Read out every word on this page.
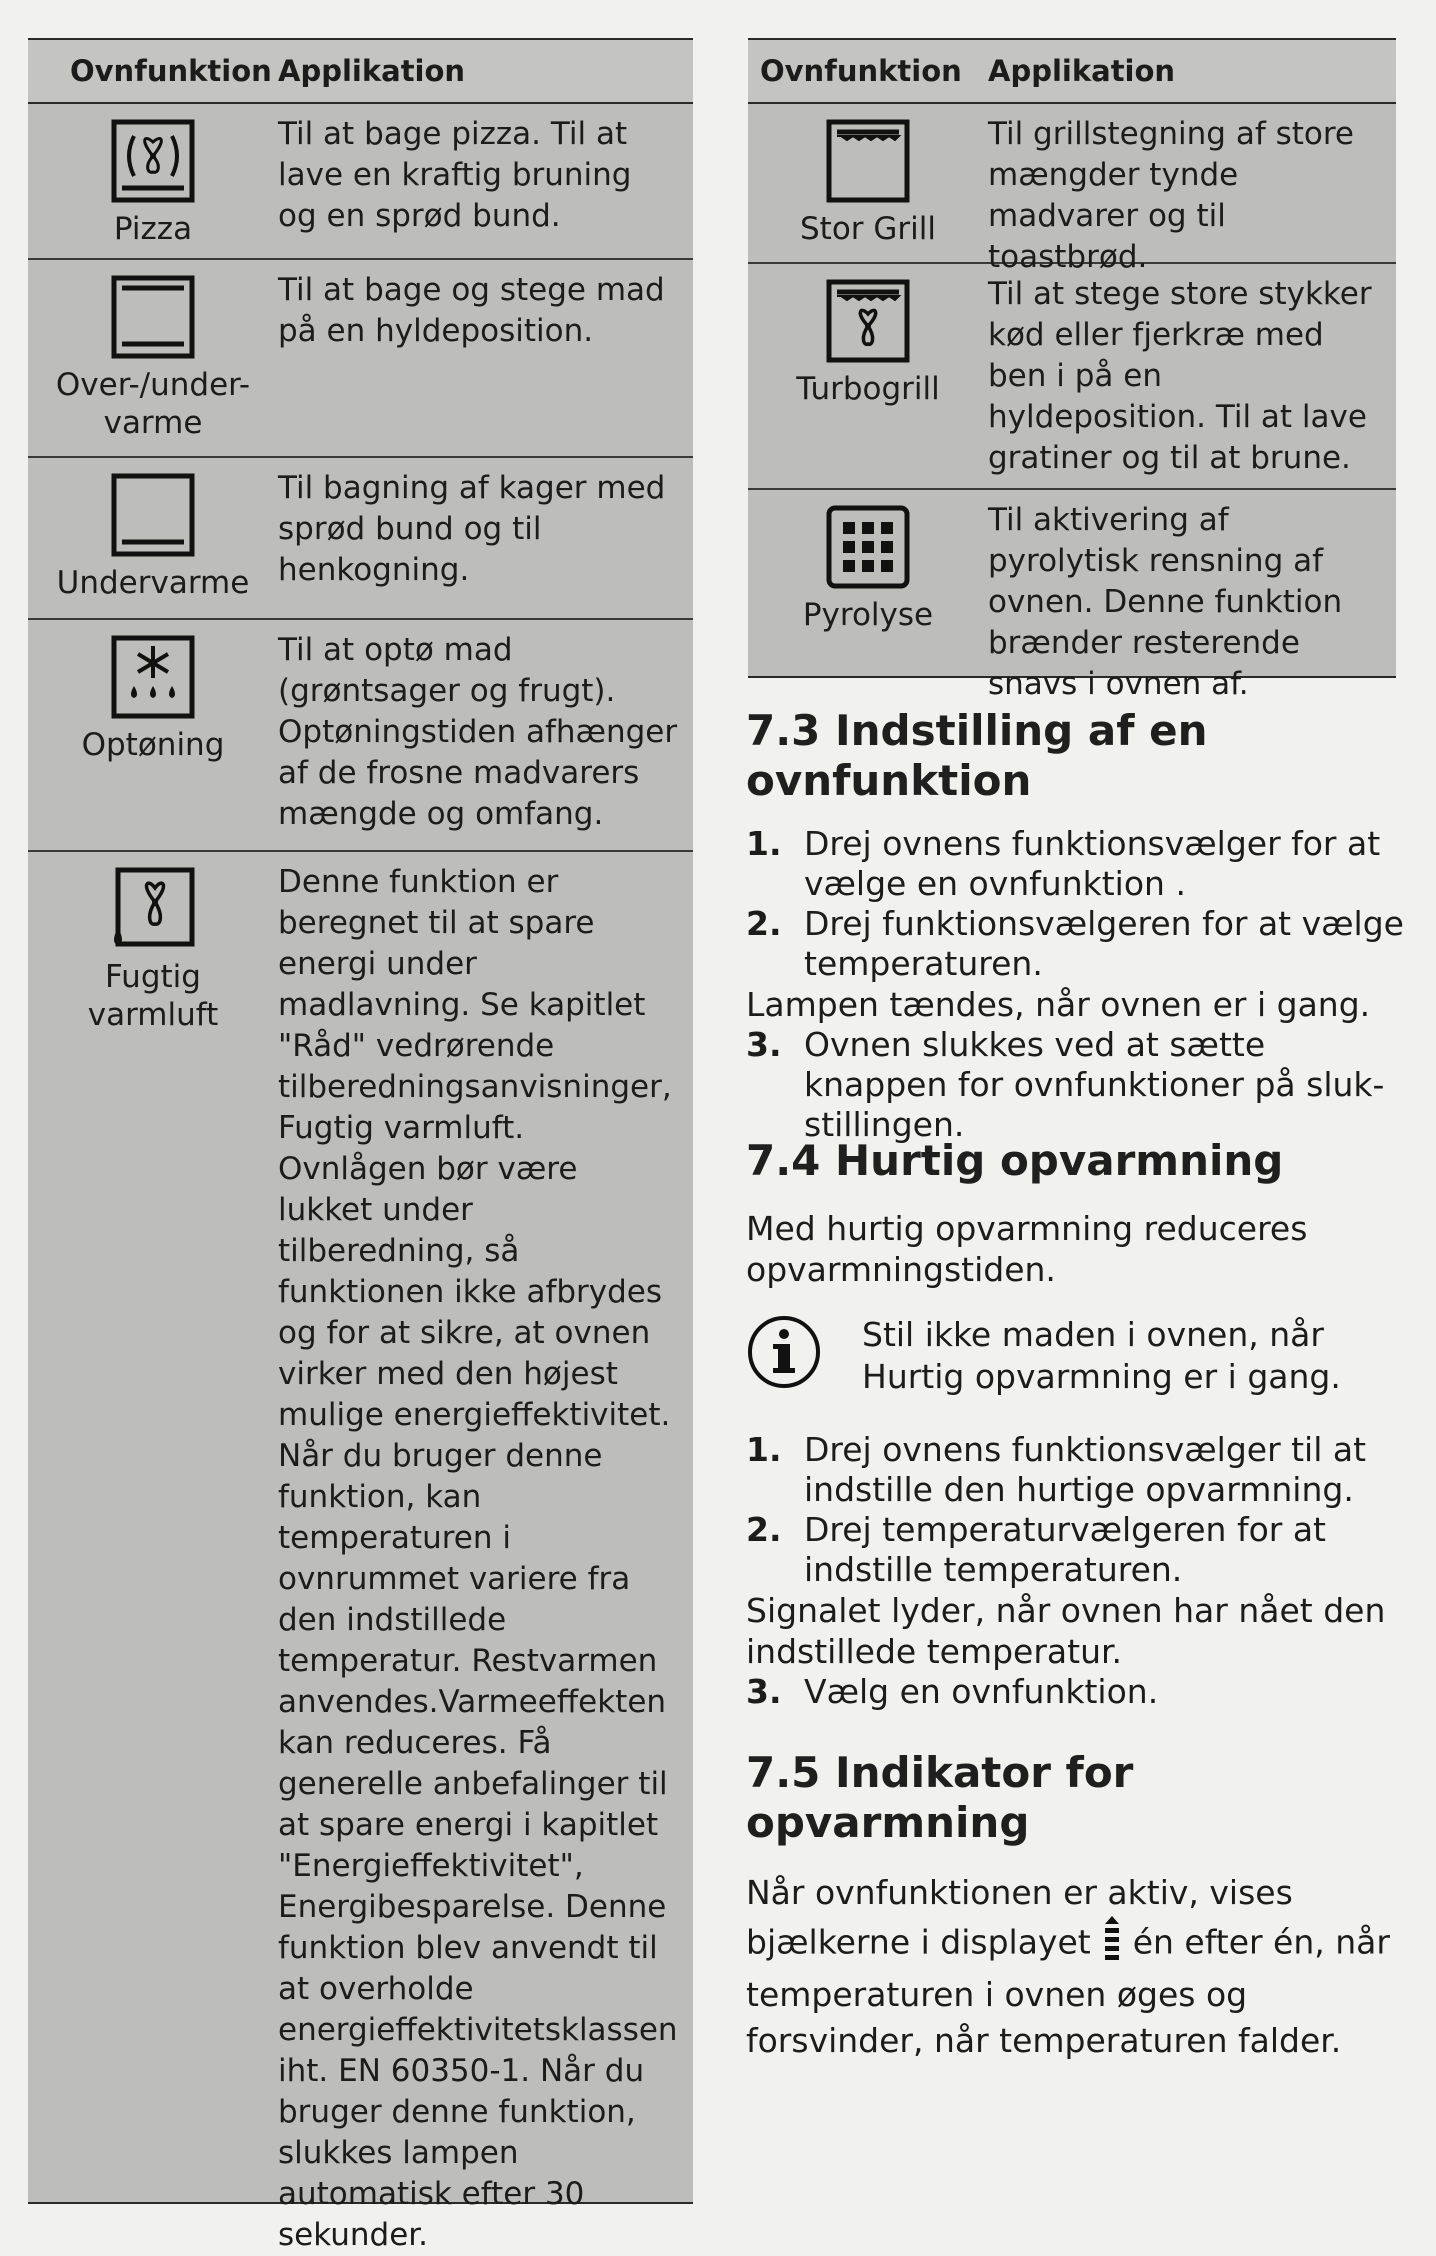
Ovnfunktion Applikation
Pizza
Til at bage pizza. Til at lave en kraftig bruning og en sprød bund.
Over-/under-varme
Til at bage og stege mad på en hyldeposition.
Undervarme
Til bagning af kager med sprød bund og til henkogning.
Optøning
Til at optø mad (grøntsager og frugt). Optøningstiden afhænger af de frosne madvarers mængde og omfang.
Fugtig varmluft
Denne funktion er beregnet til at spare energi under madlavning. Se kapitlet "Råd" vedrørende tilberedningsanvisninger, Fugtig varmluft. Ovnlågen bør være lukket under tilberedning, så funktionen ikke afbrydes og for at sikre, at ovnen virker med den højest mulige energieffektivitet. Når du bruger denne funktion, kan temperaturen i ovnrummet variere fra den indstillede temperatur. Restvarmen anvendes.Varmeeffekten kan reduceres. Få generelle anbefalinger til at spare energi i kapitlet "Energieffektivitet", Energibesparelse. Denne funktion blev anvendt til at overholde energieffektivitetsklassen iht. EN 60350-1. Når du bruger denne funktion, slukkes lampen automatisk efter 30 sekunder.
Ovnfunktion Applikation
Stor Grill
Til grillstegning af store mængder tynde madvarer og til toastbrød.
Turbogrill
Til at stege store stykker kød eller fjerkræ med ben i på en hyldeposition. Til at lave gratiner og til at brune.
Pyrolyse
Til aktivering af pyrolytisk rensning af ovnen. Denne funktion brænder resterende snavs i ovnen af.
7.3 Indstilling af en ovnfunktion
1. Drej ovnens funktionsvælger for at vælge en ovnfunktion .
2. Drej funktionsvælgeren for at vælge temperaturen.

Lampen tændes, når ovnen er i gang.

3. Ovnen slukkes ved at sætte knappen for ovnfunktioner på sluk-stillingen.
7.4 Hurtig opvarmning

Med hurtig opvarmning reduceres opvarmningstiden.

Stil ikke maden i ovnen, når Hurtig opvarmning er i gang.
1. Drej ovnens funktionsvælger til at indstille den hurtige opvarmning.
2. Drej temperaturvælgeren for at indstille temperaturen.

Signalet lyder, når ovnen har nået den indstillede temperatur.

3. Vælg en ovnfunktion.
7.5 Indikator for opvarmning

Når ovnfunktionen er aktiv, vises bjælkerne i displayet én efter én, når temperaturen i ovnen øges og forsvinder, når temperaturen falder.
